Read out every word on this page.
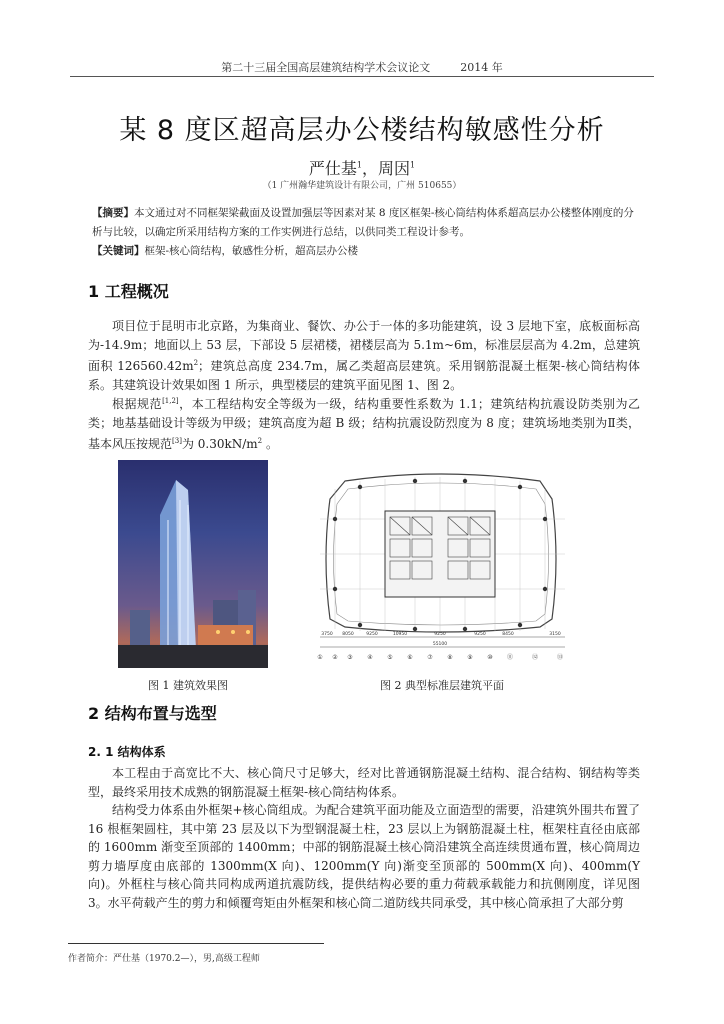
第二十三届全国高层建筑结构学术会议论文	2014 年
某 8 度区超高层办公楼结构敏感性分析
严仕基$^1$，周因$^1$
（1 广州瀚华建筑设计有限公司，广州 510655）
【摘要】本文通过对不同框架梁截面及设置加强层等因素对某 8 度区框架-核心筒结构体系超高层办公楼整体刚度的分析与比较，以确定所采用结构方案的工作实例进行总结，以供同类工程设计参考。
【关键词】框架-核心筒结构，敏感性分析，超高层办公楼
1 工程概况
项目位于昆明市北京路，为集商业、餐饮、办公于一体的多功能建筑，设 3 层地下室，底板面标高为-14.9m；地面以上 53 层，下部设 5 层裙楼，裙楼层高为 5.1m~6m，标准层层高为 4.2m，总建筑面积 $126560.42m^2$；建筑总高度 234.7m，属乙类超高层建筑。采用钢筋混凝土框架-核心筒结构体系。其建筑设计效果如图 1 所示，典型楼层的建筑平面见图 1、图 2。
根据规范[1,2]，本工程结构安全等级为一级，结构重要性系数为 1.1；建筑结构抗震设防类别为乙类；地基基础设计等级为甲级；建筑高度为超 B 级；结构抗震设防烈度为 8 度；建筑场地类别为Ⅱ类，基本风压按规范[3]为 $0.30kN/m^2$ 。
3750 8050	9250	10950	9250	9250	8450	3150
55100
① ② ③ ④ ⑤ ⑥ ⑦ ⑧ ⑨ ⑩ ⑪	⑫	⑬
图 1 建筑效果图	图 2 典型标准层建筑平面
2 结构布置与选型
2. 1 结构体系
本工程由于高宽比不大、核心筒尺寸足够大，经对比普通钢筋混凝土结构、混合结构、钢结构等类型，最终采用技术成熟的钢筋混凝土框架-核心筒结构体系。
结构受力体系由外框架+核心筒组成。为配合建筑平面功能及立面造型的需要，沿建筑外围共布置了 16 根框架圆柱，其中第 23 层及以下为型钢混凝土柱，23 层以上为钢筋混凝土柱，框架柱直径由底部的 1600mm 渐变至顶部的 1400mm；中部的钢筋混凝土核心筒沿建筑全高连续贯通布置，核心筒周边剪力墙厚度由底部的 1300mm(X 向)、1200mm(Y 向)渐变至顶部的 500mm(X 向)、400mm(Y 向)。外框柱与核心筒共同构成两道抗震防线，提供结构必要的重力荷载承载能力和抗侧刚度，详见图 3。水平荷载产生的剪力和倾覆弯矩由外框架和核心筒二道防线共同承受，其中核心筒承担了大部分剪
作者简介：严仕基（1970.2—），男,高级工程师
